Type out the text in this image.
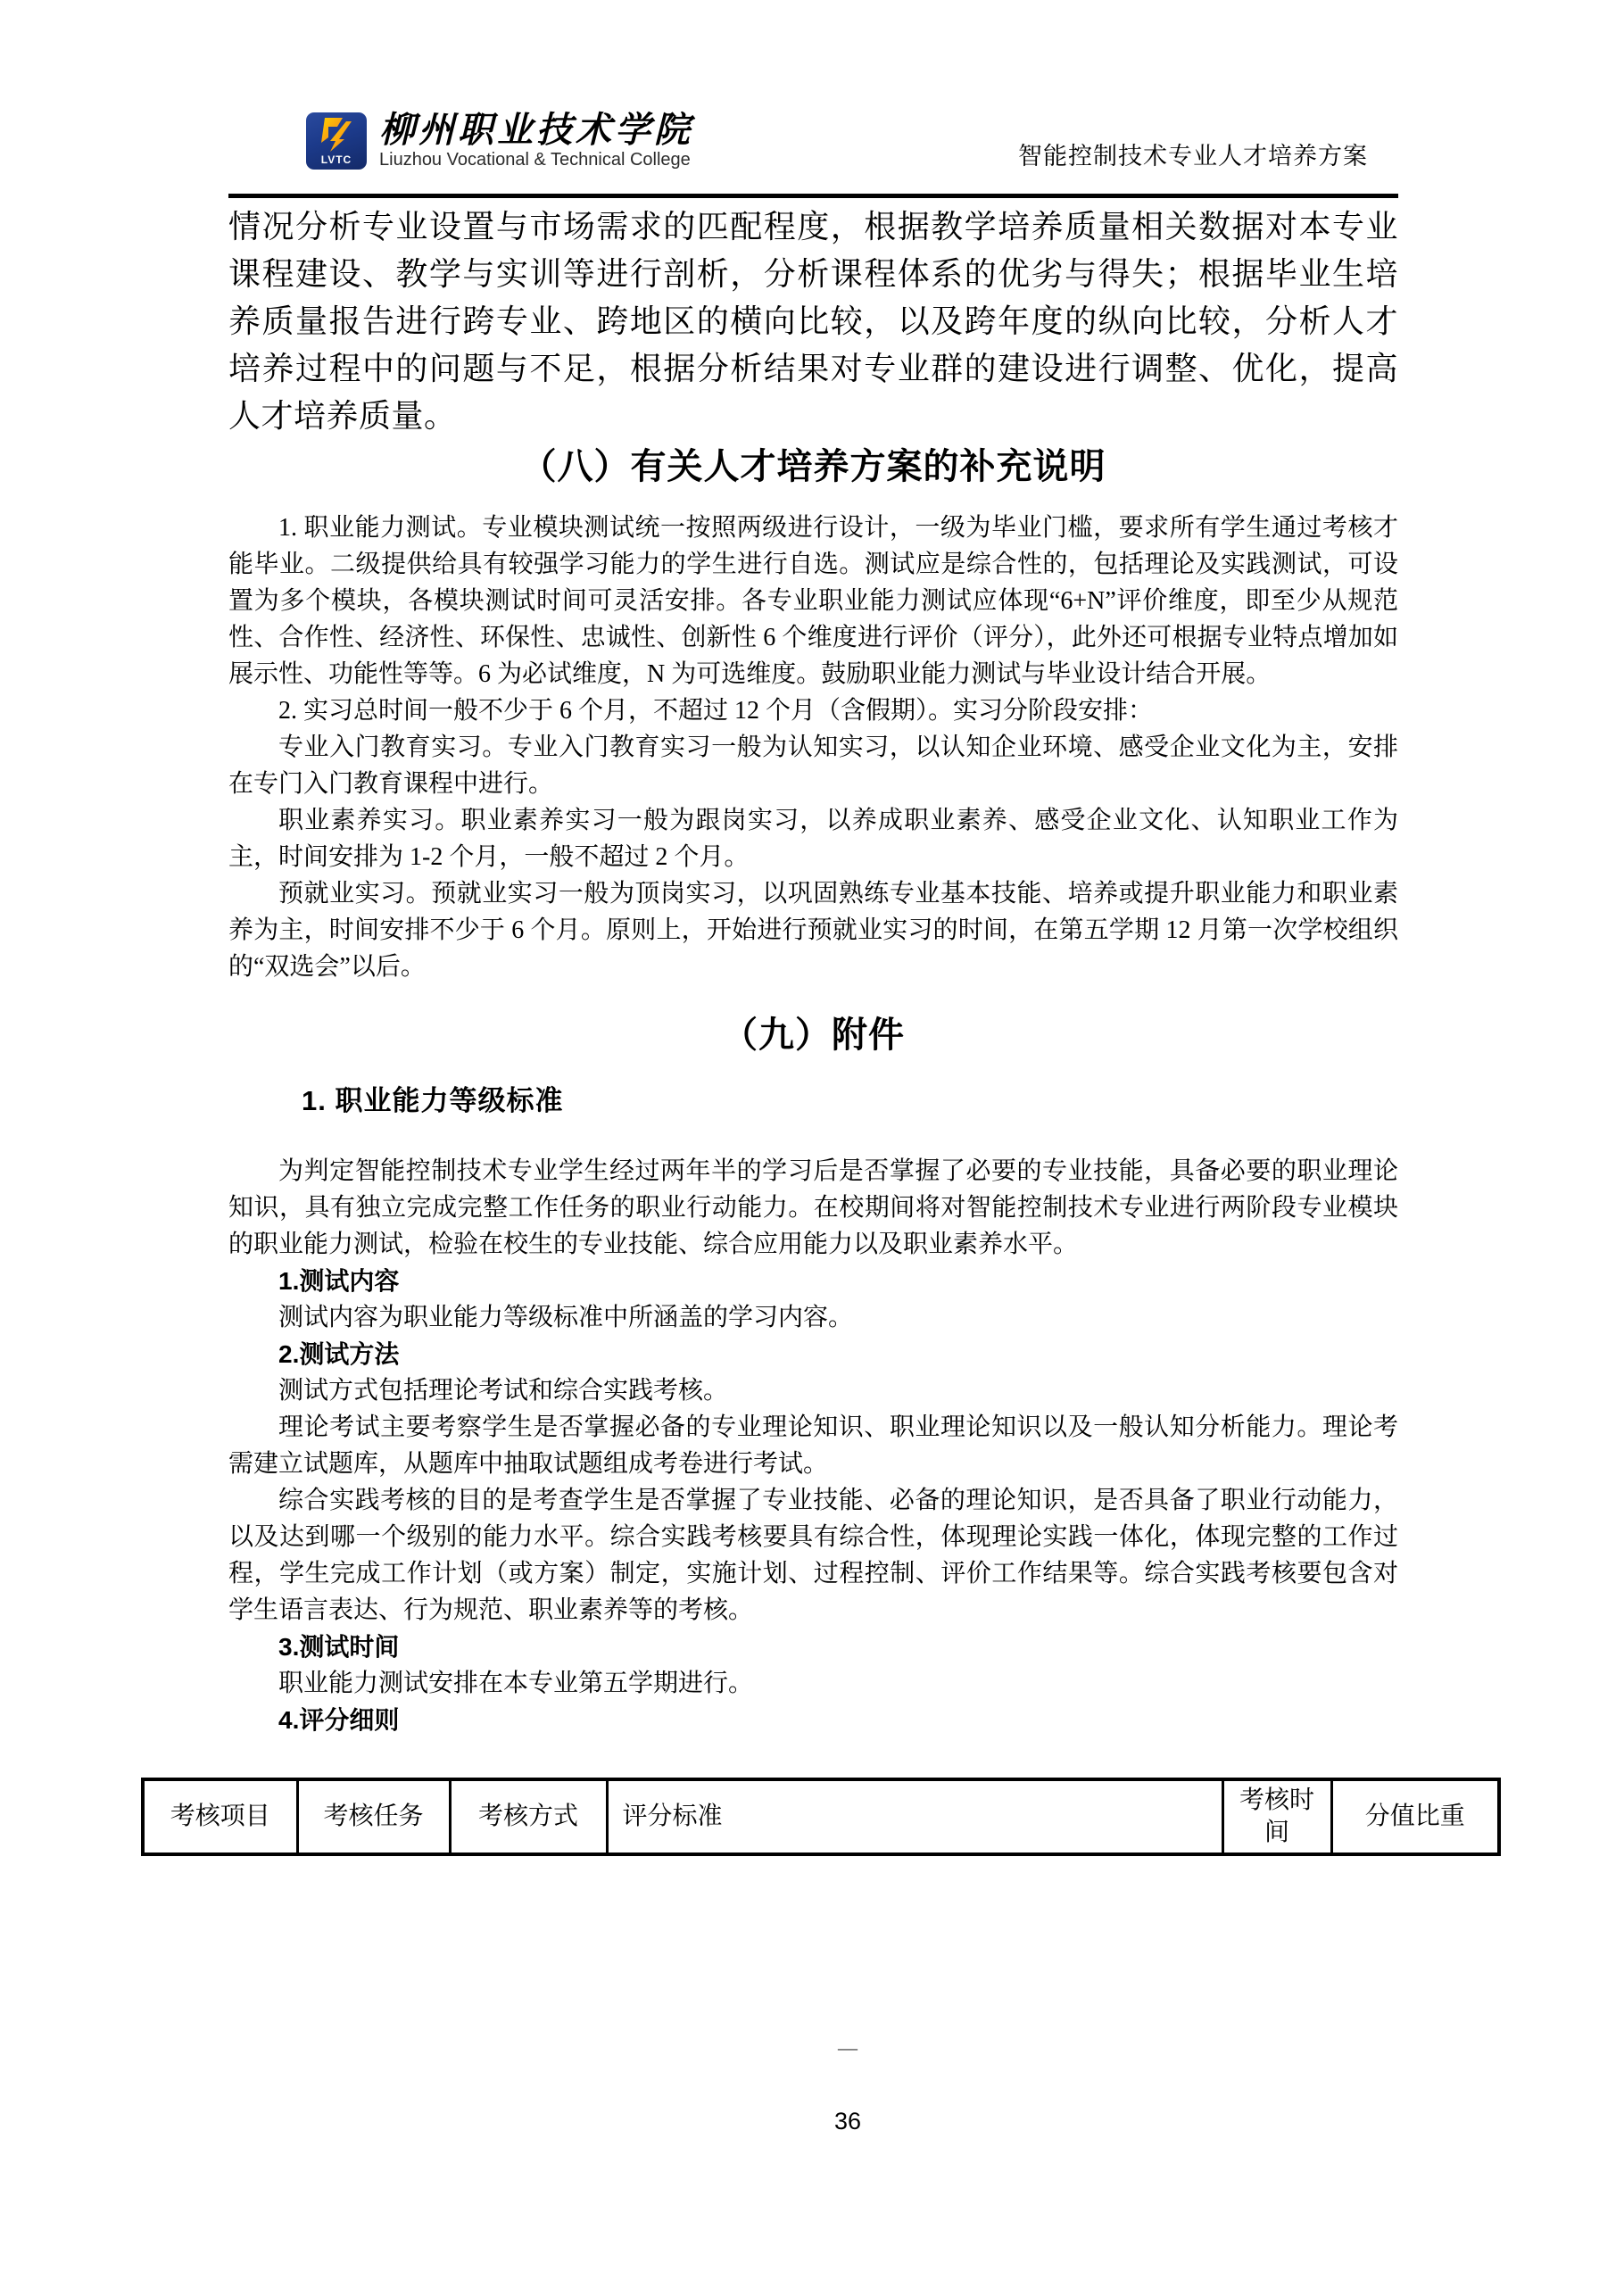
LVTC
柳州职业技术学院
Liuzhou Vocational & Technical College	智能控制技术专业人才培养方案

情况分析专业设置与市场需求的匹配程度，根据教学培养质量相关数据对本专业课程建设、教学与实训等进行剖析，分析课程体系的优劣与得失；根据毕业生培养质量报告进行跨专业、跨地区的横向比较，以及跨年度的纵向比较，分析人才培养过程中的问题与不足，根据分析结果对专业群的建设进行调整、优化，提高人才培养质量。

（八）有关人才培养方案的补充说明

1. 职业能力测试。专业模块测试统一按照两级进行设计，一级为毕业门槛，要求所有学生通过考核才能毕业。二级提供给具有较强学习能力的学生进行自选。测试应是综合性的，包括理论及实践测试，可设置为多个模块，各模块测试时间可灵活安排。各专业职业能力测试应体现“6+N”评价维度，即至少从规范性、合作性、经济性、环保性、忠诚性、创新性 6 个维度进行评价（评分），此外还可根据专业特点增加如展示性、功能性等等。6 为必试维度，N 为可选维度。鼓励职业能力测试与毕业设计结合开展。

2. 实习总时间一般不少于 6 个月，不超过 12 个月（含假期）。实习分阶段安排：

专业入门教育实习。专业入门教育实习一般为认知实习，以认知企业环境、感受企业文化为主，安排在专门入门教育课程中进行。

职业素养实习。职业素养实习一般为跟岗实习，以养成职业素养、感受企业文化、认知职业工作为主，时间安排为 1-2 个月，一般不超过 2 个月。

预就业实习。预就业实习一般为顶岗实习，以巩固熟练专业基本技能、培养或提升职业能力和职业素养为主，时间安排不少于 6 个月。原则上，开始进行预就业实习的时间，在第五学期 12 月第一次学校组织的“双选会”以后。

（九）附件
1. 职业能力等级标准

为判定智能控制技术专业学生经过两年半的学习后是否掌握了必要的专业技能，具备必要的职业理论知识，具有独立完成完整工作任务的职业行动能力。在校期间将对智能控制技术专业进行两阶段专业模块的职业能力测试，检验在校生的专业技能、综合应用能力以及职业素养水平。

1.测试内容

测试内容为职业能力等级标准中所涵盖的学习内容。

2.测试方法

测试方式包括理论考试和综合实践考核。

理论考试主要考察学生是否掌握必备的专业理论知识、职业理论知识以及一般认知分析能力。理论考需建立试题库，从题库中抽取试题组成考卷进行考试。

综合实践考核的目的是考查学生是否掌握了专业技能、必备的理论知识，是否具备了职业行动能力，以及达到哪一个级别的能力水平。综合实践考核要具有综合性，体现理论实践一体化，体现完整的工作过程，学生完成工作计划（或方案）制定，实施计划、过程控制、评价工作结果等。综合实践考核要包含对学生语言表达、行为规范、职业素养等的考核。

3.测试时间

职业能力测试安排在本专业第五学期进行。

4.评分细则

考核项目	考核任务	考核方式	评分标准	考核时间	分值比重
—
36
